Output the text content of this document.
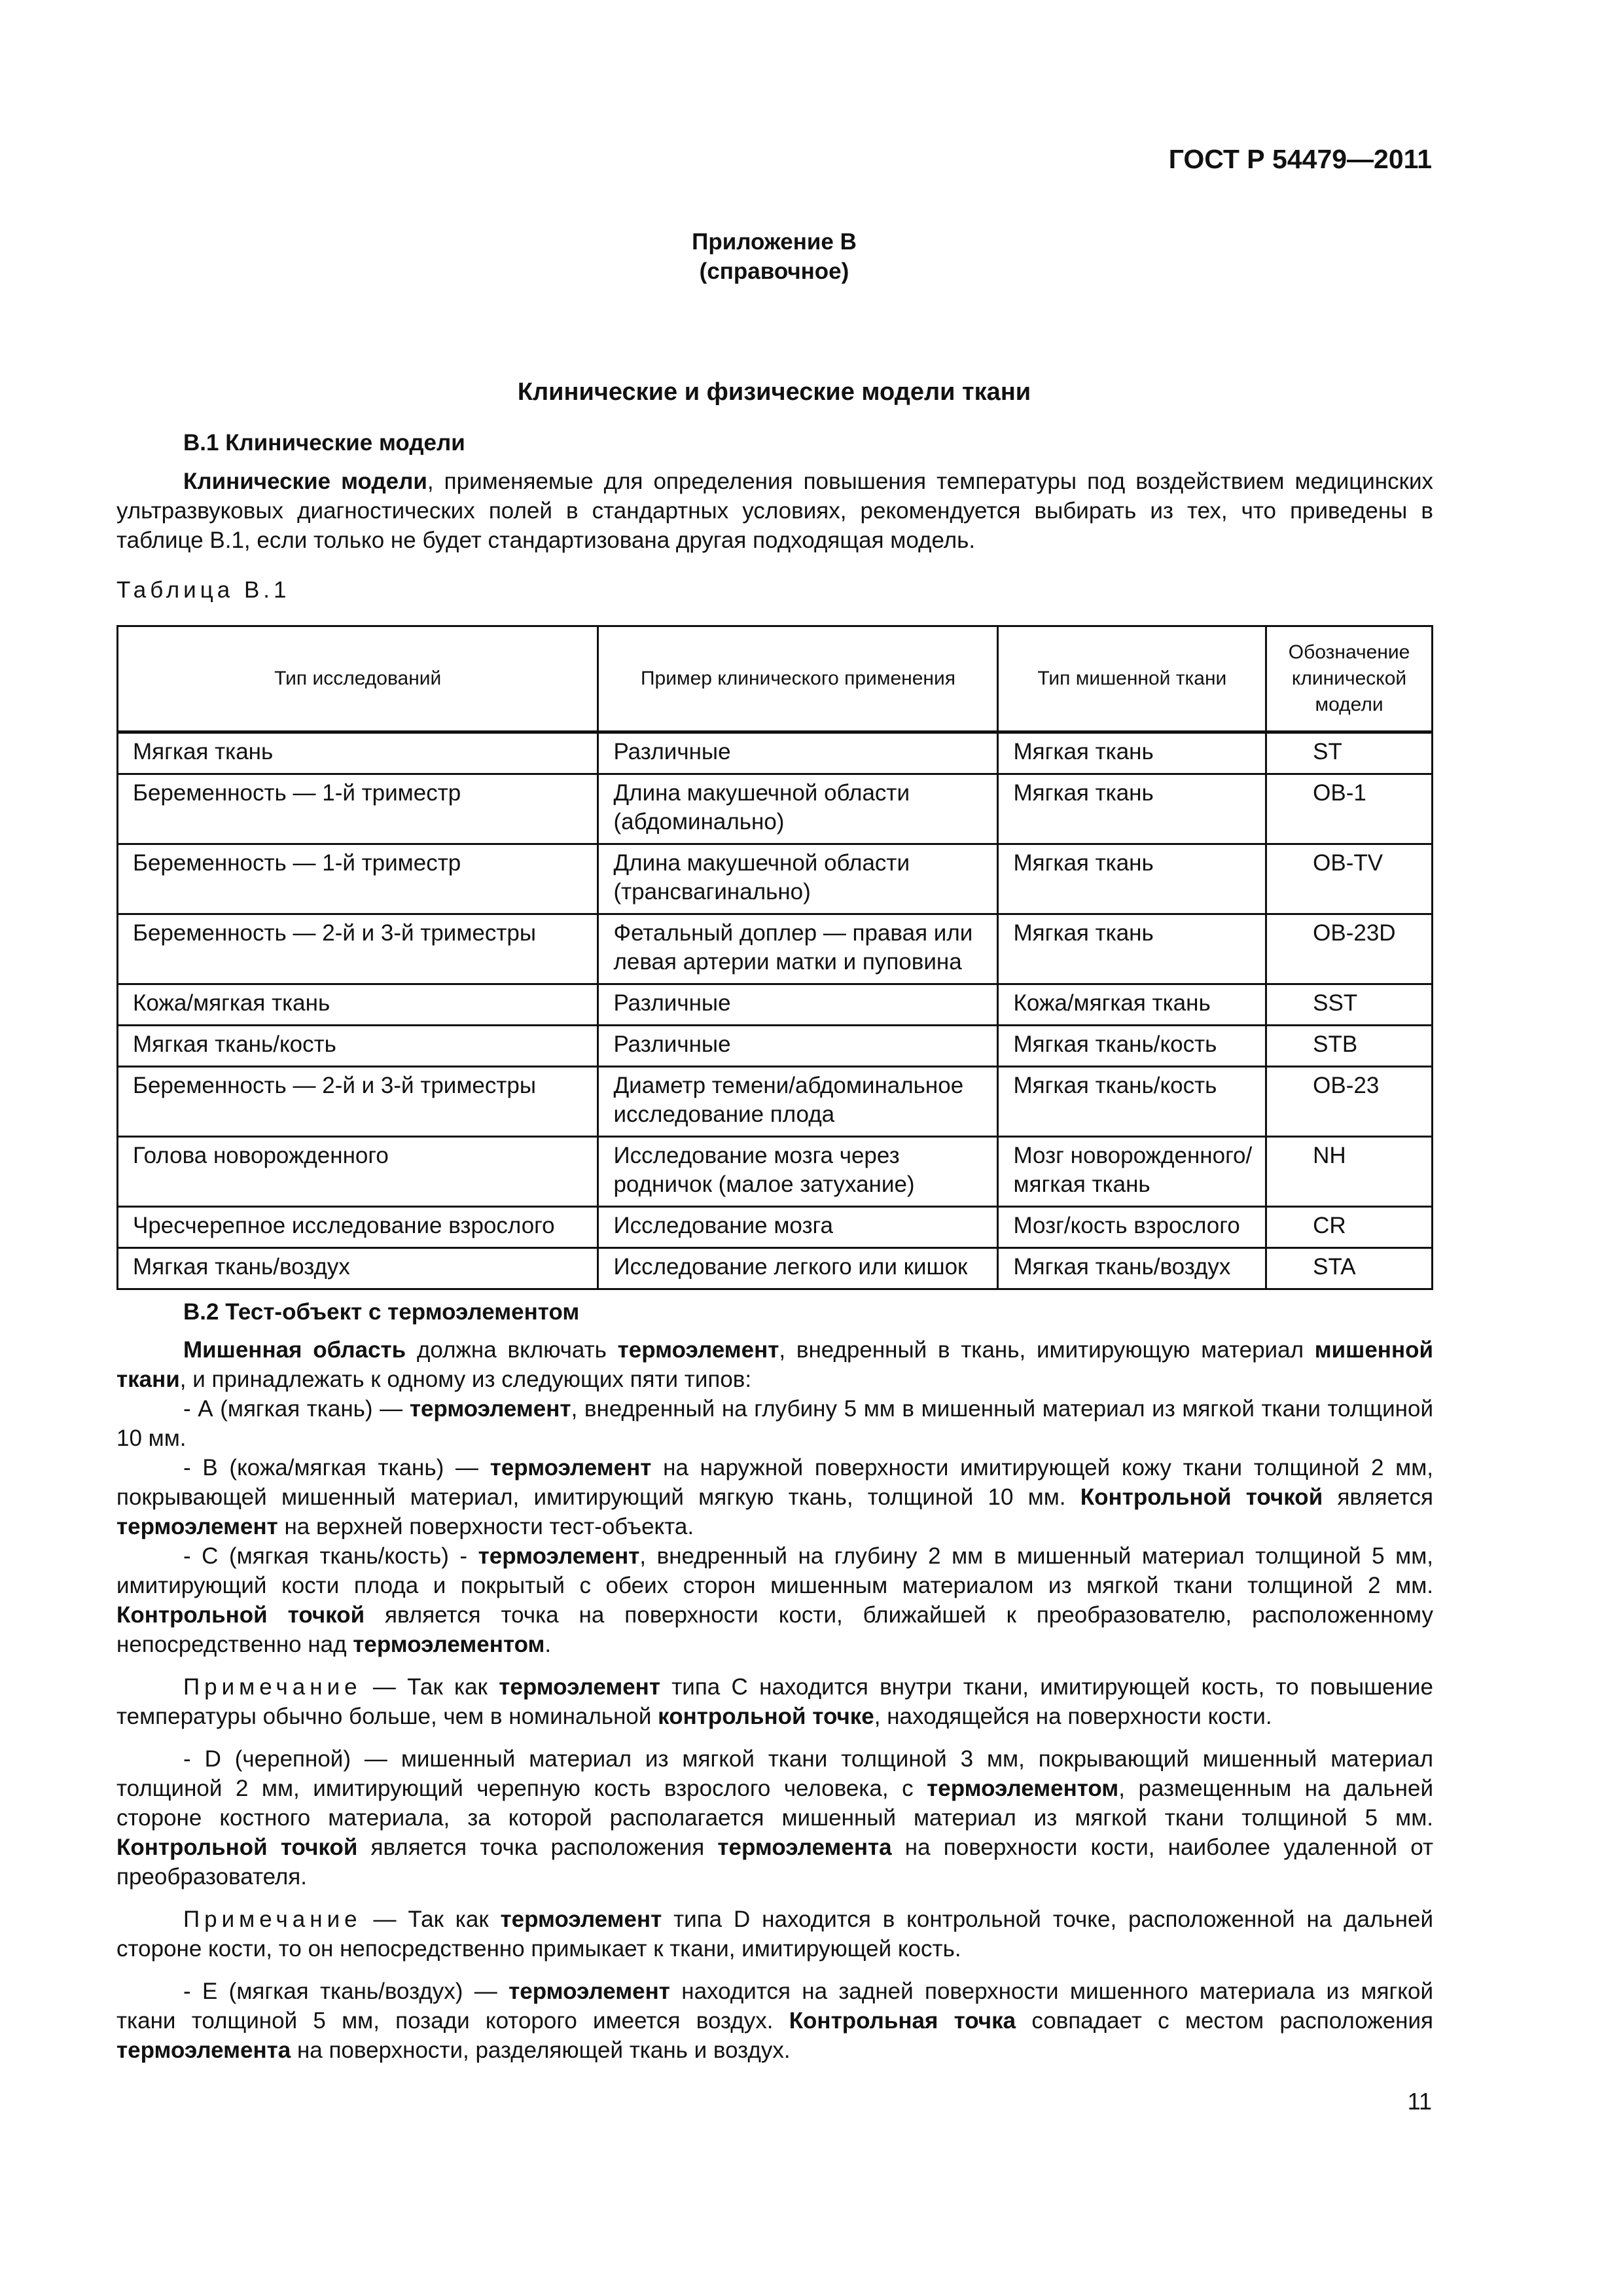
ГОСТ Р 54479—2011
Приложение В
(справочное)
Клинические и физические модели ткани
В.1 Клинические модели

Клинические модели, применяемые для определения повышения температуры под воздействием медицинских ультразвуковых диагностических полей в стандартных условиях, рекомендуется выбирать из тех, что приведены в таблице В.1, если только не будет стандартизована другая подходящая модель.

Таблица В.1
Тип исследований	Пример клинического применения	Тип мишенной ткани	Обозначение клинической модели
Мягкая ткань	Различные	Мягкая ткань	ST
Беременность — 1-й триместр	Длина макушечной области (абдоминально)	Мягкая ткань	OB-1
Беременность — 1-й триместр	Длина макушечной области (трансвагинально)	Мягкая ткань	OB-TV
Беременность — 2-й и 3-й триместры	Фетальный доплер — правая или левая артерии матки и пуповина	Мягкая ткань	OB-23D
Кожа/мягкая ткань	Различные	Кожа/мягкая ткань	SST
Мягкая ткань/кость	Различные	Мягкая ткань/кость	STB
Беременность — 2-й и 3-й триместры	Диаметр темени/абдоминальное исследование плода	Мягкая ткань/кость	OB-23
Голова новорожденного	Исследование мозга через родничок (малое затухание)	Мозг новорожденного/ мягкая ткань	NH
Чресчерепное исследование взрослого	Исследование мозга	Мозг/кость взрослого	CR
Мягкая ткань/воздух	Исследование легкого или кишок	Мягкая ткань/воздух	STA
В.2 Тест-объект с термоэлементом

Мишенная область должна включать термоэлемент, внедренный в ткань, имитирующую материал мишенной ткани, и принадлежать к одному из следующих пяти типов:

- А (мягкая ткань) — термоэлемент, внедренный на глубину 5 мм в мишенный материал из мягкой ткани толщиной 10 мм.

- В (кожа/мягкая ткань) — термоэлемент на наружной поверхности имитирующей кожу ткани толщиной 2 мм, покрывающей мишенный материал, имитирующий мягкую ткань, толщиной 10 мм. Контрольной точкой является термоэлемент на верхней поверхности тест-объекта.

- С (мягкая ткань/кость) - термоэлемент, внедренный на глубину 2 мм в мишенный материал толщиной 5 мм, имитирующий кости плода и покрытый с обеих сторон мишенным материалом из мягкой ткани толщиной 2 мм. Контрольной точкой является точка на поверхности кости, ближайшей к преобразователю, расположенному непосредственно над термоэлементом.

Примечание — Так как термоэлемент типа С находится внутри ткани, имитирующей кость, то повышение температуры обычно больше, чем в номинальной контрольной точке, находящейся на поверхности кости.

- D (черепной) — мишенный материал из мягкой ткани толщиной 3 мм, покрывающий мишенный материал толщиной 2 мм, имитирующий черепную кость взрослого человека, с термоэлементом, размещенным на дальней стороне костного материала, за которой располагается мишенный материал из мягкой ткани толщиной 5 мм. Контрольной точкой является точка расположения термоэлемента на поверхности кости, наиболее удаленной от преобразователя.

Примечание — Так как термоэлемент типа D находится в контрольной точке, расположенной на дальней стороне кости, то он непосредственно примыкает к ткани, имитирующей кость.

- E (мягкая ткань/воздух) — термоэлемент находится на задней поверхности мишенного материала из мягкой ткани толщиной 5 мм, позади которого имеется воздух. Контрольная точка совпадает с местом расположения термоэлемента на поверхности, разделяющей ткань и воздух.

11
